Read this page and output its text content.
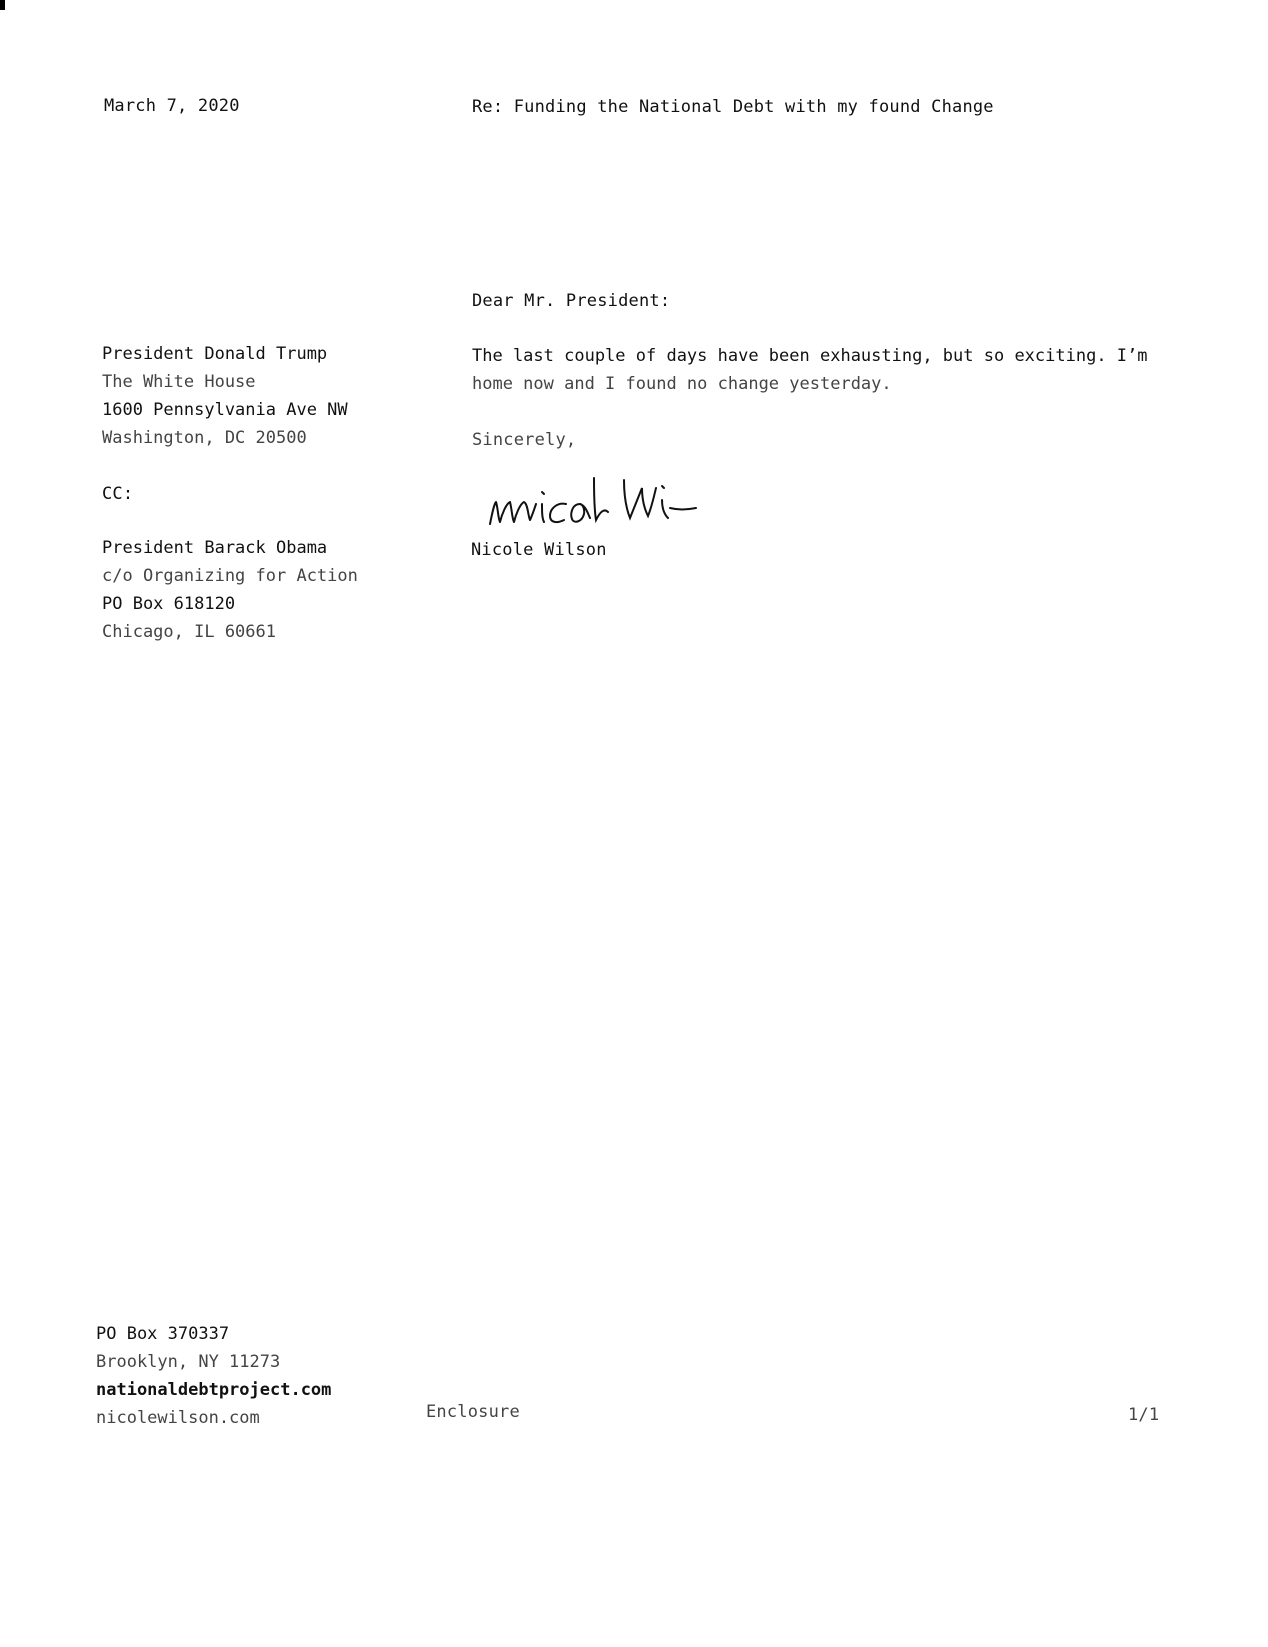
March 7, 2020	Re: Funding the National Debt with my found Change
Dear Mr. President:
President Donald Trump
The White House
1600 Pennsylvania Ave NW
Washington, DC 20500
The last couple of days have been exhausting, but so exciting. I’m
home now and I found no change yesterday.
Sincerely,
Nicole Wilson
CC:
President Barack Obama
c/o Organizing for Action
PO Box 618120
Chicago, IL 60661
PO Box 370337
Brooklyn, NY 11273
nationaldebtproject.com
nicolewilson.com	Enclosure	1/1
